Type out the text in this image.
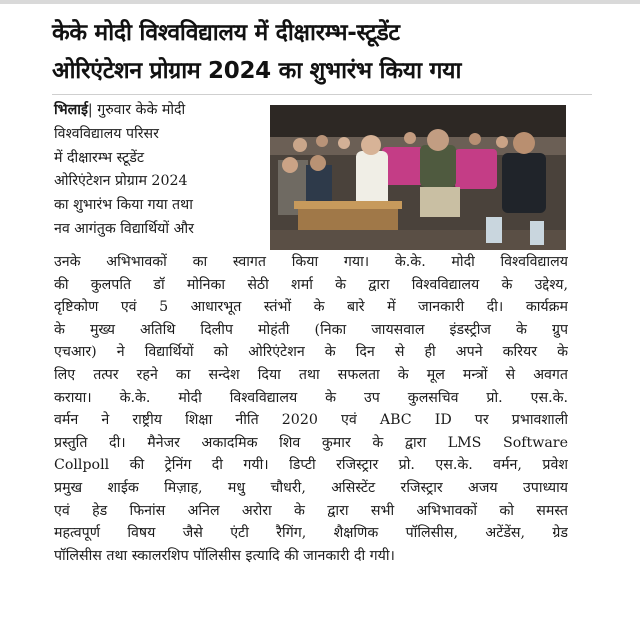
केके मोदी विश्वविद्यालय में दीक्षारम्भ-स्टूडेंट
ओरिएंटेशन प्रोग्राम 2024 का शुभारंभ किया गया
भिलाई| गुरुवार केके मोदी
विश्वविद्यालय परिसर
में दीक्षारम्भ स्टूडेंट
ओरिएंटेशन प्रोग्राम 2024
का शुभारंभ किया गया तथा
नव आगंतुक विद्यार्थियों और
उनके अभिभावकों का स्वागत किया गया। के.के. मोदी विश्वविद्यालय
की कुलपति डॉ मोनिका सेठी शर्मा के द्वारा विश्वविद्यालय के उद्देश्य,
दृष्टिकोण एवं 5 आधारभूत स्तंभों के बारे में जानकारी दी। कार्यक्रम
के मुख्य अतिथि दिलीप मोहंती (निका जायसवाल इंडस्ट्रीज के ग्रुप
एचआर) ने विद्यार्थियों को ओरिएंटेशन के दिन से ही अपने करियर के
लिए तत्पर रहने का सन्देश दिया तथा सफलता के मूल मन्त्रों से अवगत
कराया। के.के. मोदी विश्वविद्यालय के उप कुलसचिव प्रो. एस.के.
वर्मन ने राष्ट्रीय शिक्षा नीति 2020 एवं ABC ID पर प्रभावशाली
प्रस्तुति दी। मैनेजर अकादमिक शिव कुमार के द्वारा LMS Software
Collpoll की ट्रेनिंग दी गयी। डिप्टी रजिस्ट्रार प्रो. एस.के. वर्मन, प्रवेश
प्रमुख शाईक मिज़ाह, मधु चौधरी, असिस्टेंट रजिस्ट्रार अजय उपाध्याय
एवं हेड फिनांस अनिल अरोरा के द्वारा सभी अभिभावकों को समस्त
महत्वपूर्ण विषय जैसे एंटी रैगिंग, शैक्षणिक पॉलिसीस, अटेंडेंस, ग्रेड
पॉलिसीस तथा स्कालरशिप पॉलिसीस इत्यादि की जानकारी दी गयी।
